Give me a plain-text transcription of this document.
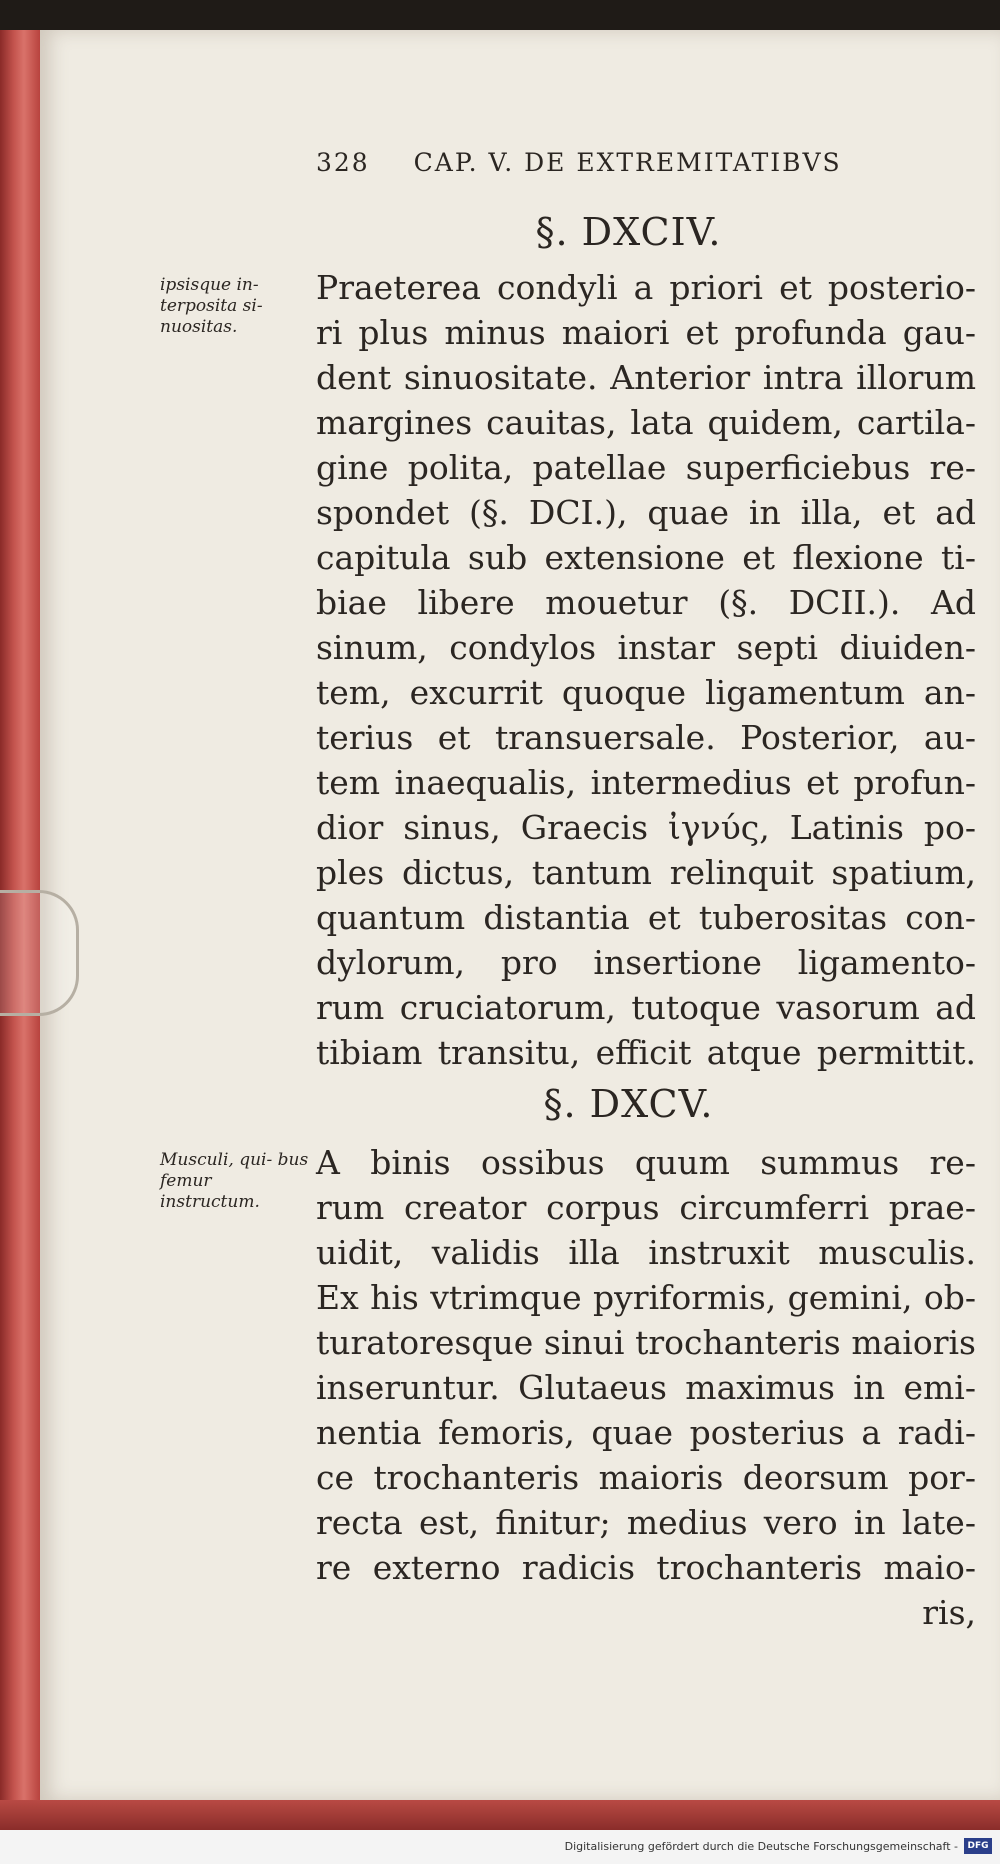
328 CAP. V. DE EXTREMITATIBVS
§. DXCIV.
ipsisque in- terposita si- nuositas.
Praeterea condyli a priori et posterio-
ri plus minus maiori et profunda gau-
dent sinuositate. Anterior intra illorum
margines cauitas, lata quidem, cartila-
gine polita, patellae superficiebus re-
spondet (§. DCI.), quae in illa, et ad
capitula sub extensione et flexione ti-
biae libere mouetur (§. DCII.). Ad
sinum, condylos instar septi diuiden-
tem, excurrit quoque ligamentum an-
terius et transuersale. Posterior, au-
tem inaequalis, intermedius et profun-
dior sinus, Graecis ἰγνύς, Latinis po-
ples dictus, tantum relinquit spatium,
quantum distantia et tuberositas con-
dylorum, pro insertione ligamento-
rum cruciatorum, tutoque vasorum ad
tibiam transitu, efficit atque permittit.
§. DXCV.
Musculi, qui- bus femur instructum.
A binis ossibus quum summus re-
rum creator corpus circumferri prae-
uidit, validis illa instruxit musculis.
Ex his vtrimque pyriformis, gemini, ob-
turatoresque sinui trochanteris maioris
inseruntur. Glutaeus maximus in emi-
nentia femoris, quae posterius a radi-
ce trochanteris maioris deorsum por-
recta est, finitur; medius vero in late-
re externo radicis trochanteris maio-
ris,
Digitalisierung gefördert durch die Deutsche Forschungsgemeinschaft -	DFG
